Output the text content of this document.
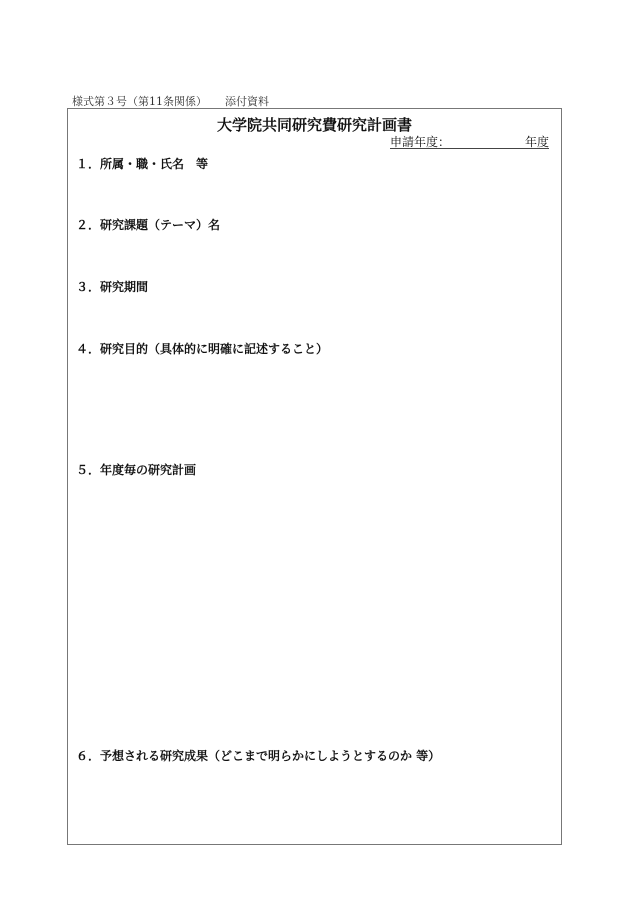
様式第３号（第11条関係） 添付資料
大学院共同研究費研究計画書
申請年度：	年度
１．所属・職・氏名　等
２．研究課題（テーマ）名
３．研究期間
４．研究目的（具体的に明確に記述すること）
５．年度毎の研究計画
６．予想される研究成果（どこまで明らかにしようとするのか 等）
